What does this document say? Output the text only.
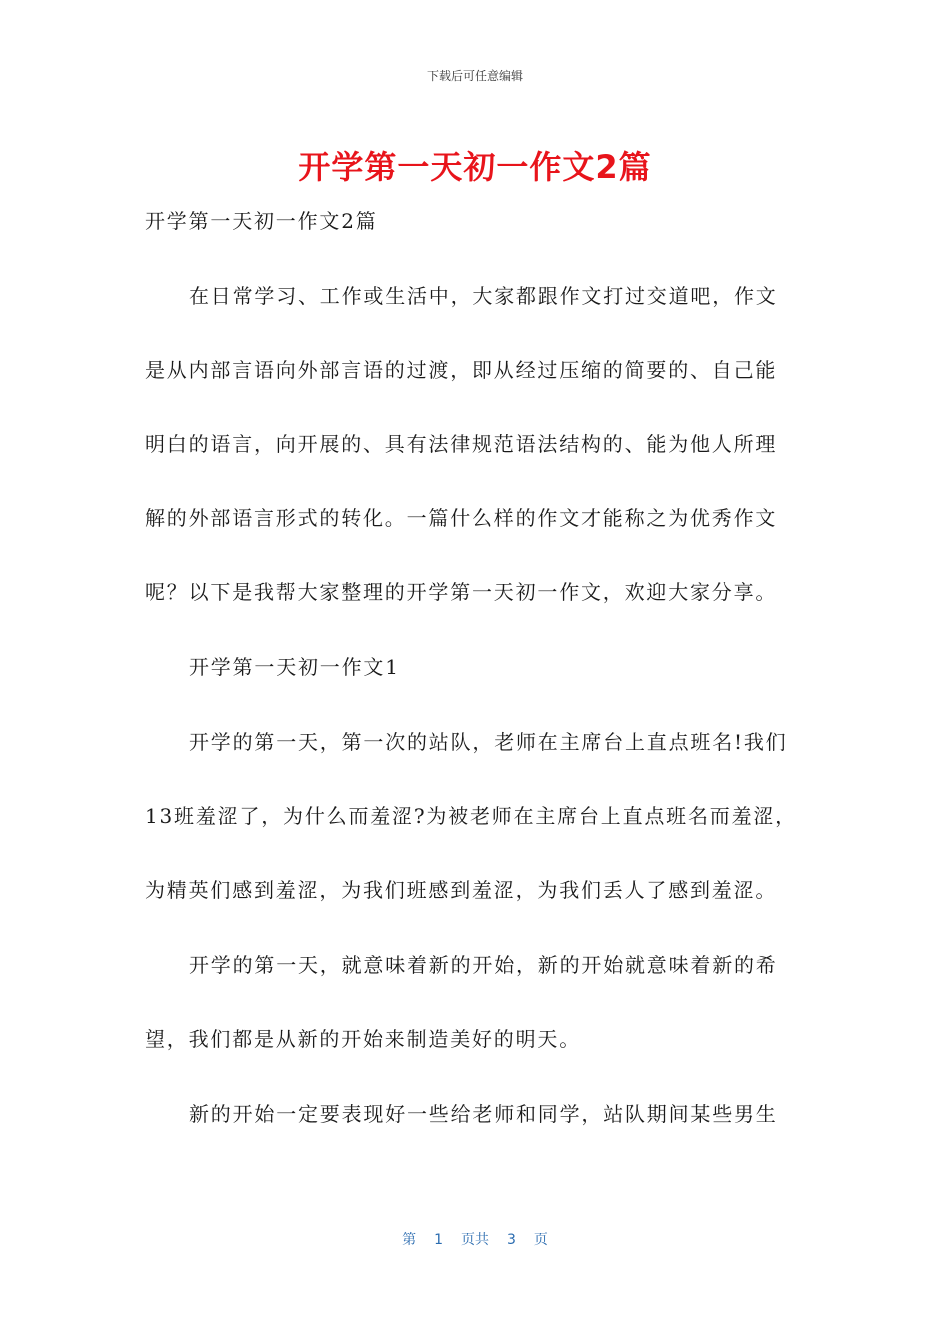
下载后可任意编辑
开学第一天初一作文2篇

开学第一天初一作文2篇

在日常学习、工作或生活中，大家都跟作文打过交道吧，作文

是从内部言语向外部言语的过渡，即从经过压缩的简要的、自己能

明白的语言，向开展的、具有法律规范语法结构的、能为他人所理

解的外部语言形式的转化。一篇什么样的作文才能称之为优秀作文

呢？以下是我帮大家整理的开学第一天初一作文，欢迎大家分享。

开学第一天初一作文1

开学的第一天，第一次的站队，老师在主席台上直点班名!我们

13班羞涩了，为什么而羞涩?为被老师在主席台上直点班名而羞涩，

为精英们感到羞涩，为我们班感到羞涩，为我们丢人了感到羞涩。

开学的第一天，就意味着新的开始，新的开始就意味着新的希

望，我们都是从新的开始来制造美好的明天。

新的开始一定要表现好一些给老师和同学，站队期间某些男生

第 1 页共 3 页
